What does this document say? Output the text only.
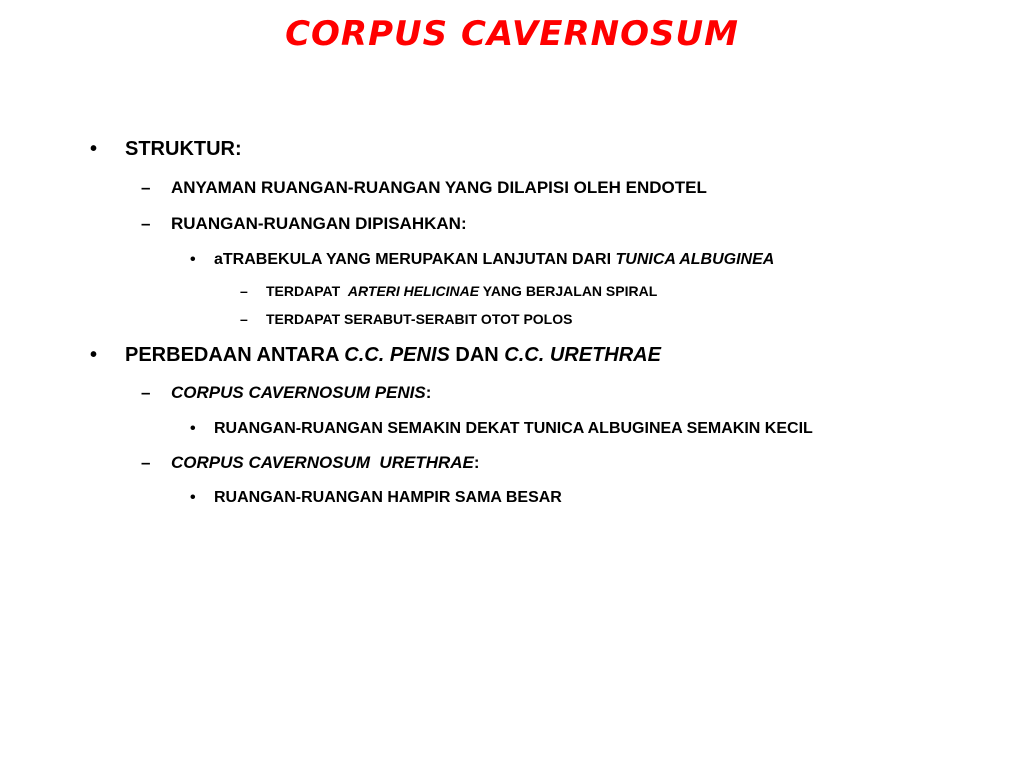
CORPUS CAVERNOSUM
• STRUKTUR:
– ANYAMAN RUANGAN-RUANGAN YANG DILAPISI OLEH ENDOTEL
– RUANGAN-RUANGAN DIPISAHKAN:
• aTRABEKULA YANG MERUPAKAN LANJUTAN DARI TUNICA ALBUGINEA
– TERDAPAT  ARTERI HELICINAE YANG BERJALAN SPIRAL
– TERDAPAT SERABUT-SERABIT OTOT POLOS
• PERBEDAAN ANTARA C.C. PENIS DAN C.C. URETHRAE
– CORPUS CAVERNOSUM PENIS:
• RUANGAN-RUANGAN SEMAKIN DEKAT TUNICA ALBUGINEA SEMAKIN KECIL
– CORPUS CAVERNOSUM  URETHRAE:
• RUANGAN-RUANGAN HAMPIR SAMA BESAR
